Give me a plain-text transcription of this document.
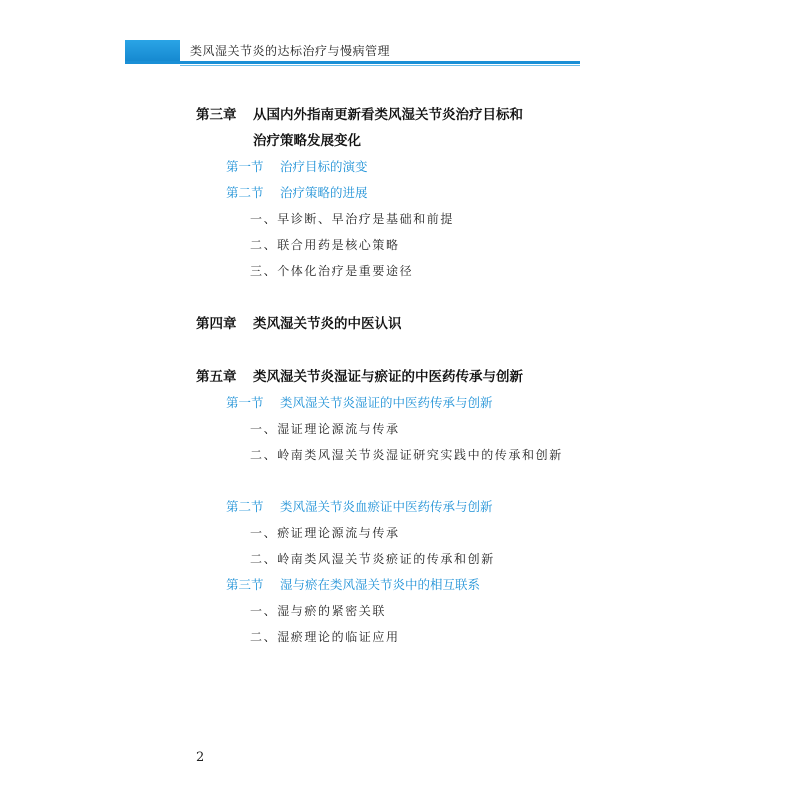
类风湿关节炎的达标治疗与慢病管理
第三章 从国内外指南更新看类风湿关节炎治疗目标和
治疗策略发展变化
第一节 治疗目标的演变
第二节 治疗策略的进展
一、早诊断、早治疗是基础和前提
二、联合用药是核心策略
三、个体化治疗是重要途径
第四章 类风湿关节炎的中医认识
第五章 类风湿关节炎湿证与瘀证的中医药传承与创新
第一节 类风湿关节炎湿证的中医药传承与创新
一、湿证理论源流与传承
二、岭南类风湿关节炎湿证研究实践中的传承和创新
第二节 类风湿关节炎血瘀证中医药传承与创新
一、瘀证理论源流与传承
二、岭南类风湿关节炎瘀证的传承和创新
第三节 湿与瘀在类风湿关节炎中的相互联系
一、湿与瘀的紧密关联
二、湿瘀理论的临证应用
2
